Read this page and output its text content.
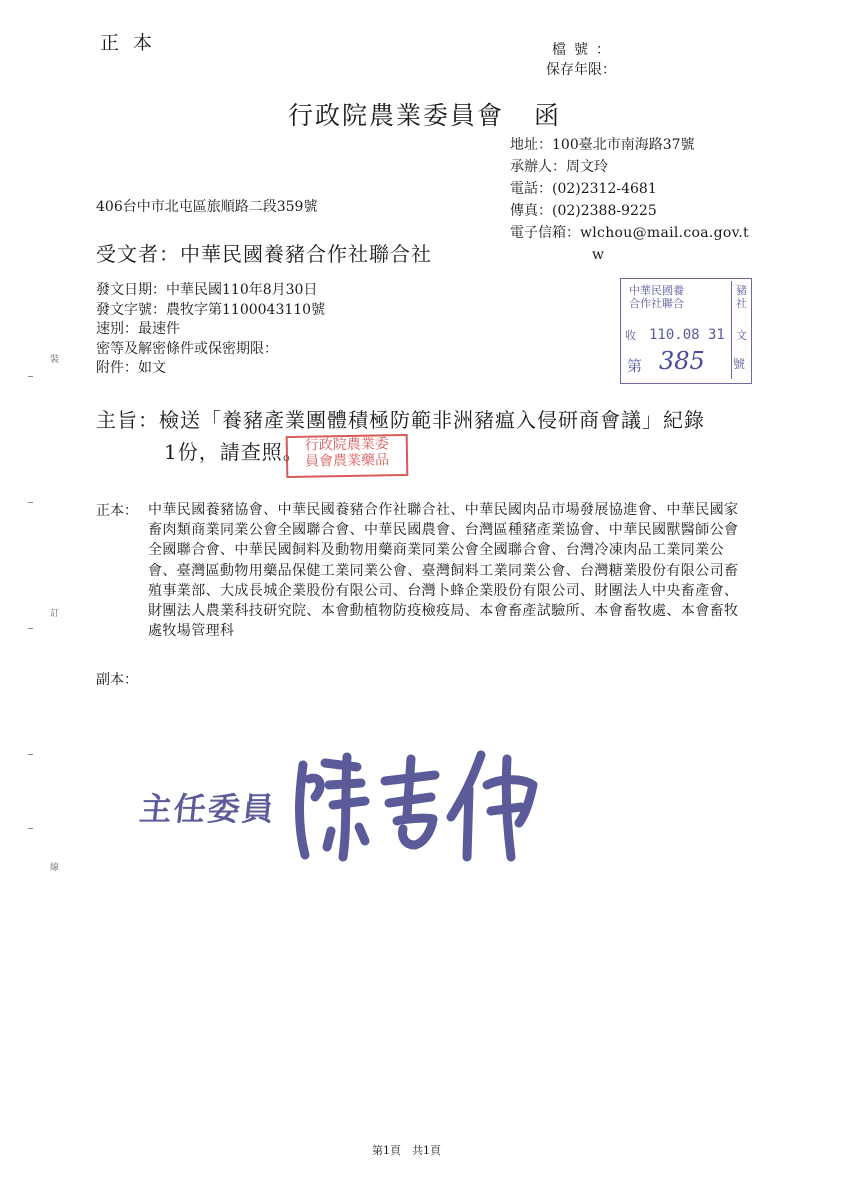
裝
訂
線
正本	檔號：
保存年限：
行政院農業委員會 函
地址：100臺北市南海路37號
承辦人：周文玲
電話：(02)2312-4681
傳真：(02)2388-9225
電子信箱：wlchou@mail.coa.gov.t
w
406台中市北屯區旅順路二段359號
受文者：中華民國養豬合作社聯合社
發文日期：中華民國110年8月30日
發文字號：農牧字第1100043110號
速別：最速件
密等及解密條件或保密期限：
附件：如文
中華民國養
合作社聯合
豬
社
收 110.08 31 文
第 385 號
主旨：檢送「養豬產業團體積極防範非洲豬瘟入侵研商會議」紀錄
1份，請查照。 行政院農業委
員會農業藥品
正本： 中華民國養豬協會、中華民國養豬合作社聯合社、中華民國肉品市場發展協進會、中華民國家畜肉類商業同業公會全國聯合會、中華民國農會、台灣區種豬產業協會、中華民國獸醫師公會全國聯合會、中華民國飼料及動物用藥商業同業公會全國聯合會、台灣冷凍肉品工業同業公會、臺灣區動物用藥品保健工業同業公會、臺灣飼料工業同業公會、台灣糖業股份有限公司畜殖事業部、大成長城企業股份有限公司、台灣卜蜂企業股份有限公司、財團法人中央畜產會、財團法人農業科技研究院、本會動植物防疫檢疫局、本會畜產試驗所、本會畜牧處、本會畜牧處牧場管理科
副本：
主任委員
第1頁　共1頁
